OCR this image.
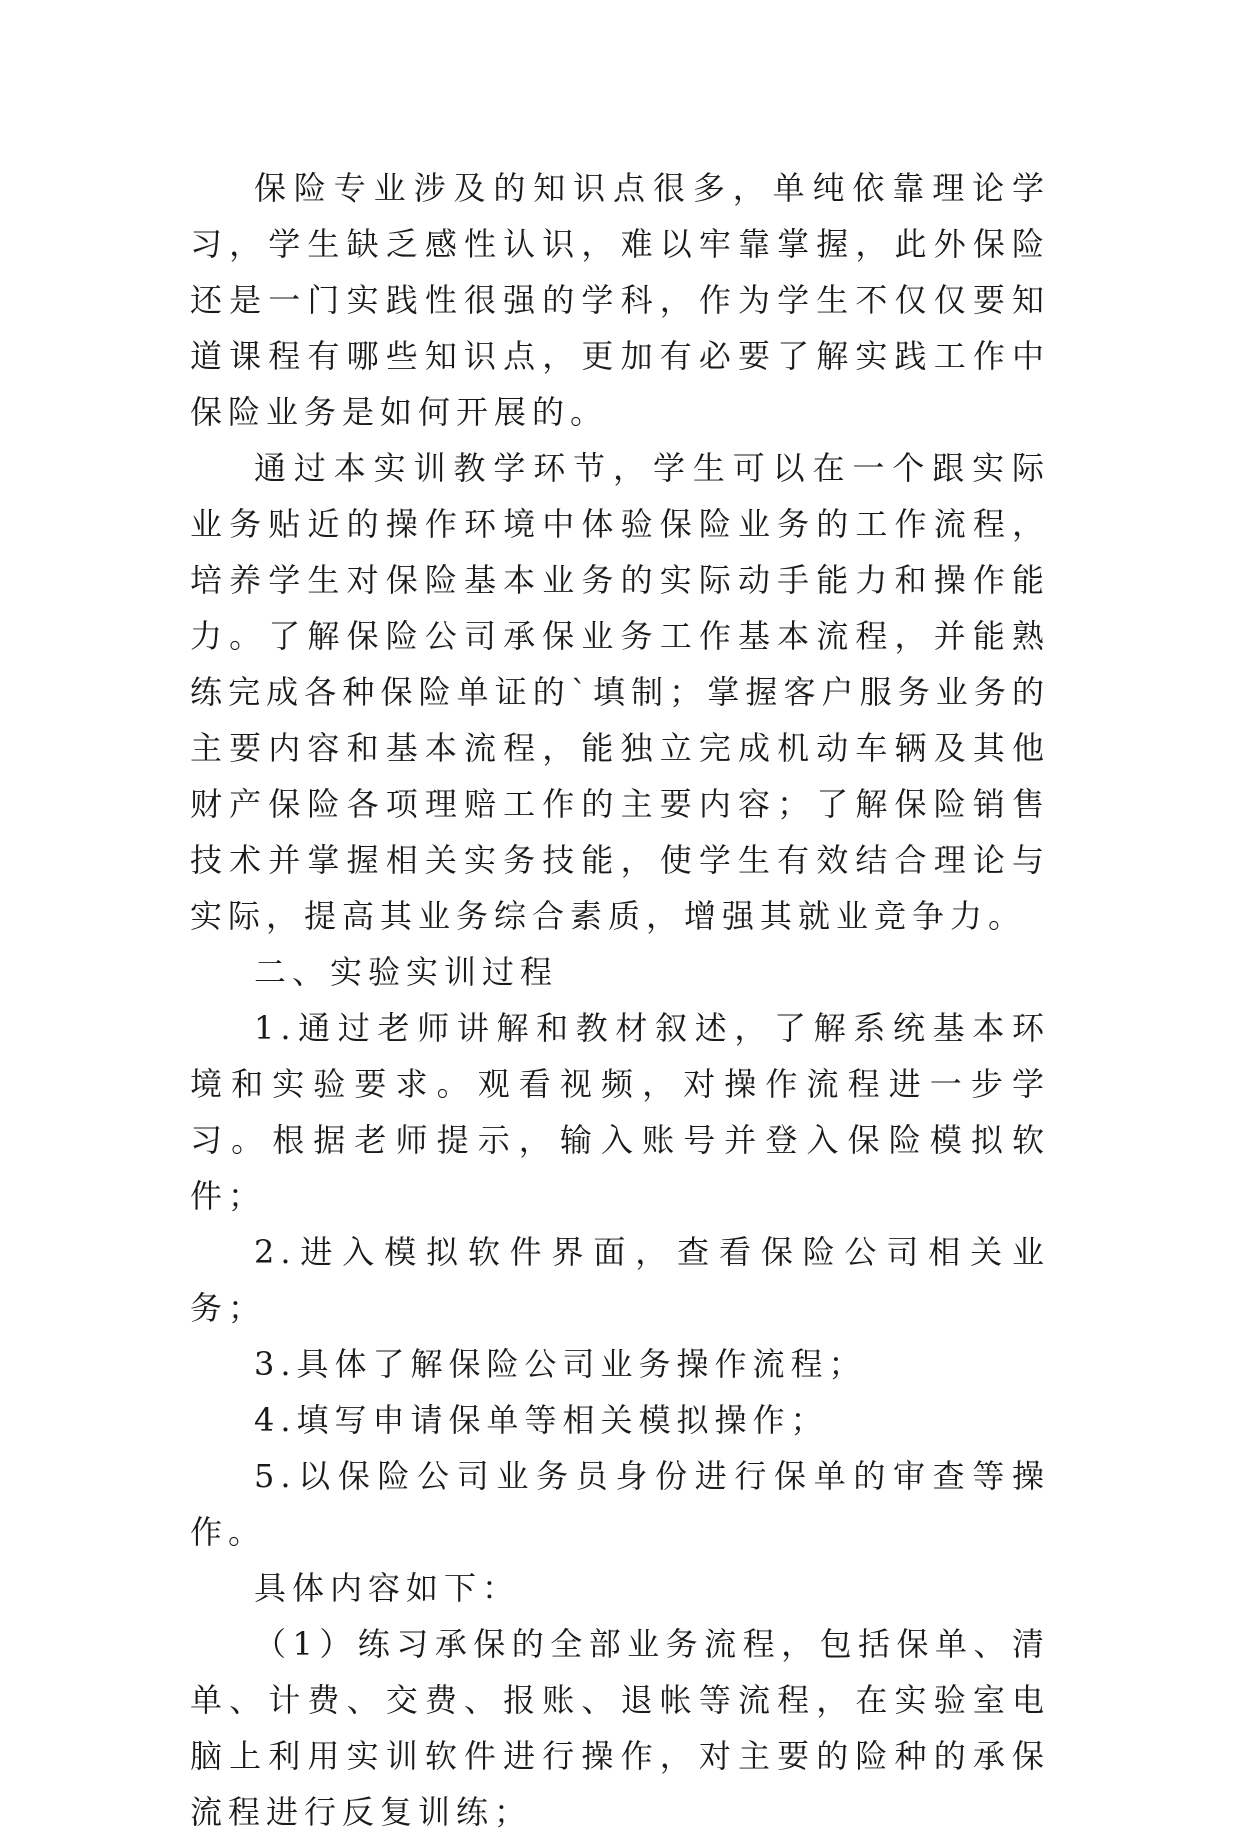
保险专业涉及的知识点很多，单纯依靠理论学习，学生缺乏感性认识，难以牢靠掌握，此外保险还是一门实践性很强的学科，作为学生不仅仅要知道课程有哪些知识点，更加有必要了解实践工作中保险业务是如何开展的。

通过本实训教学环节，学生可以在一个跟实际业务贴近的操作环境中体验保险业务的工作流程，培养学生对保险基本业务的实际动手能力和操作能力。了解保险公司承保业务工作基本流程，并能熟练完成各种保险单证的`填制；掌握客户服务业务的主要内容和基本流程，能独立完成机动车辆及其他财产保险各项理赔工作的主要内容；了解保险销售技术并掌握相关实务技能，使学生有效结合理论与实际，提高其业务综合素质，增强其就业竞争力。

二、实验实训过程

1.通过老师讲解和教材叙述，了解系统基本环境和实验要求。观看视频，对操作流程进一步学习。根据老师提示，输入账号并登入保险模拟软件；

2.进入模拟软件界面，查看保险公司相关业务；

3.具体了解保险公司业务操作流程；

4.填写申请保单等相关模拟操作；

5.以保险公司业务员身份进行保单的审查等操作。

具体内容如下：

（1）练习承保的全部业务流程，包括保单、清单、计费、交费、报账、退帐等流程，在实验室电脑上利用实训软件进行操作，对主要的险种的承保流程进行反复训练；
